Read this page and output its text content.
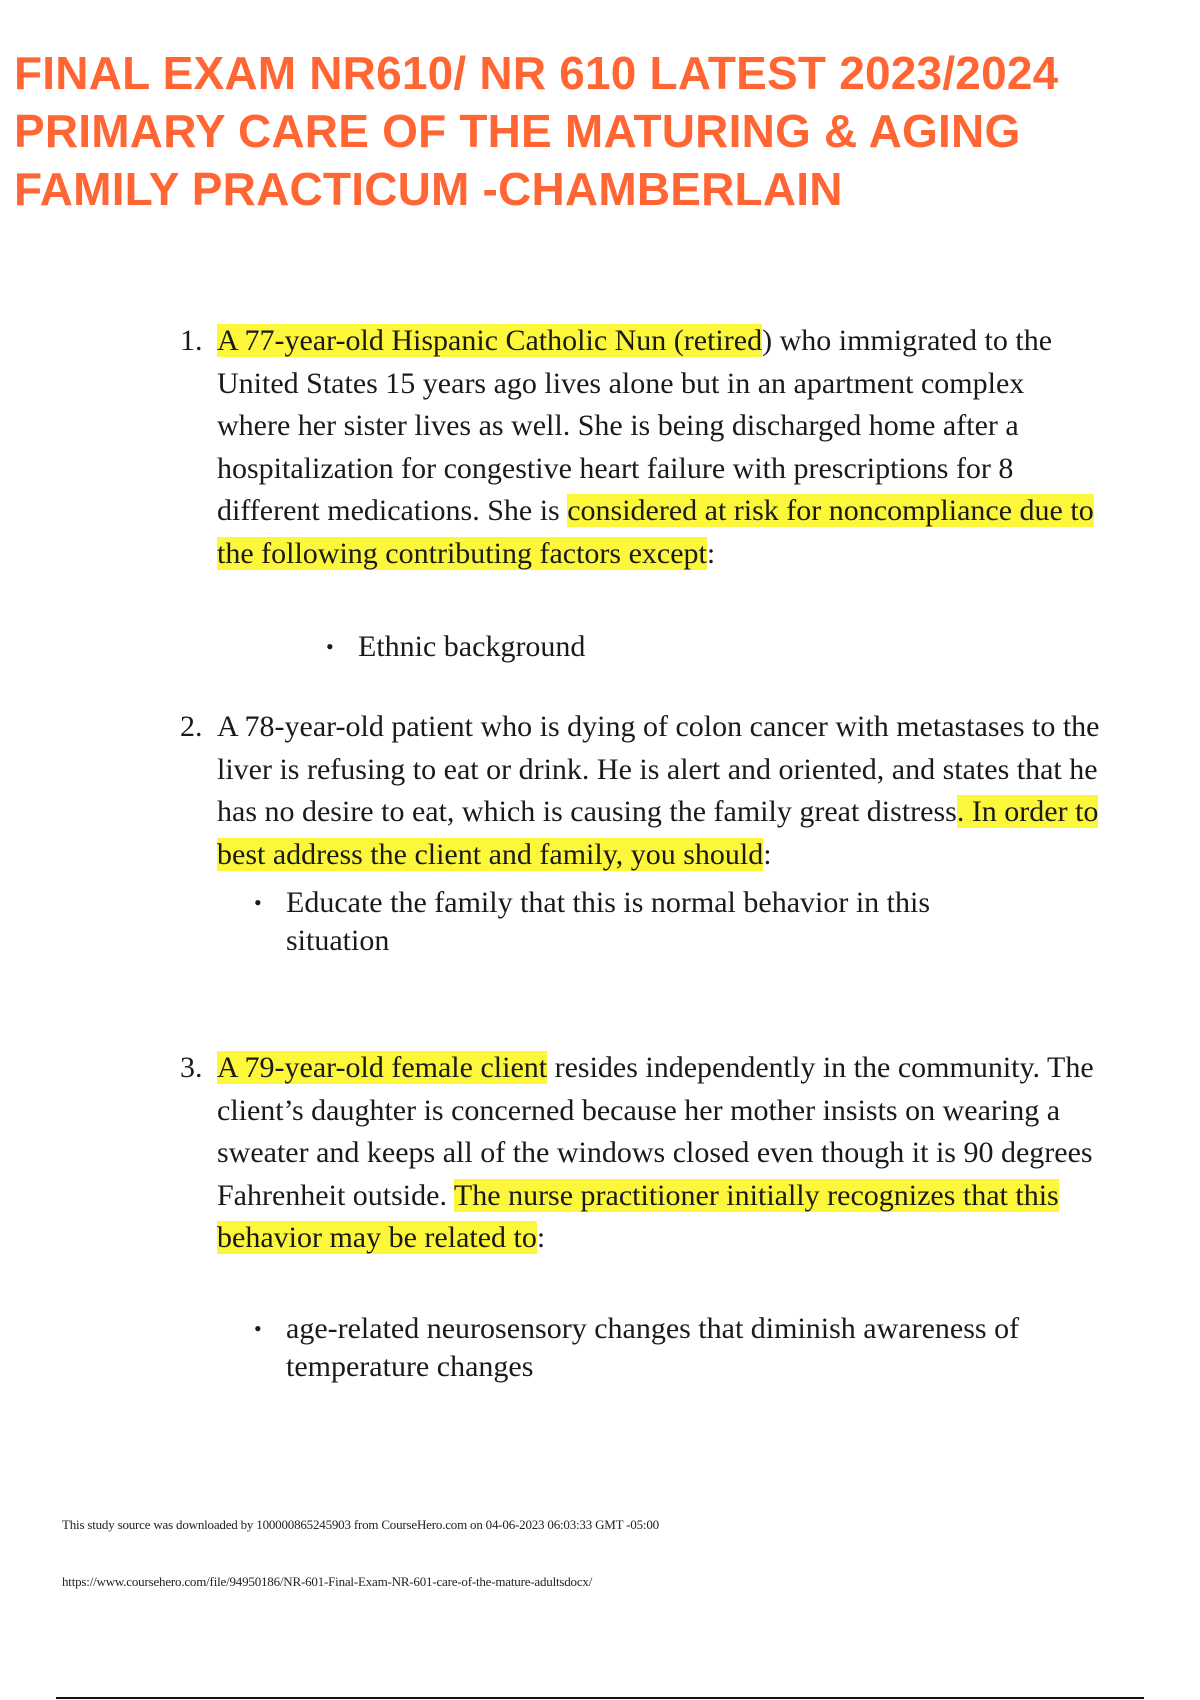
FINAL EXAM NR610/ NR 610 LATEST 2023/2024
PRIMARY CARE OF THE MATURING & AGING
FAMILY PRACTICUM -CHAMBERLAIN
1. A 77-year-old Hispanic Catholic Nun (retired) who immigrated to the United States 15 years ago lives alone but in an apartment complex where her sister lives as well. She is being discharged home after a hospitalization for congestive heart failure with prescriptions for 8 different medications. She is considered at risk for noncompliance due to the following contributing factors except:
• Ethnic background
2. A 78-year-old patient who is dying of colon cancer with metastases to the liver is refusing to eat or drink. He is alert and oriented, and states that he has no desire to eat, which is causing the family great distress. In order to best address the client and family, you should:
• Educate the family that this is normal behavior in this situation
3. A 79-year-old female client resides independently in the community. The client’s daughter is concerned because her mother insists on wearing a sweater and keeps all of the windows closed even though it is 90 degrees Fahrenheit outside. The nurse practitioner initially recognizes that this behavior may be related to:
• age-related neurosensory changes that diminish awareness of temperature changes
This study source was downloaded by 100000865245903 from CourseHero.com on 04-06-2023 06:03:33 GMT -05:00
https://www.coursehero.com/file/94950186/NR-601-Final-Exam-NR-601-care-of-the-mature-adultsdocx/
